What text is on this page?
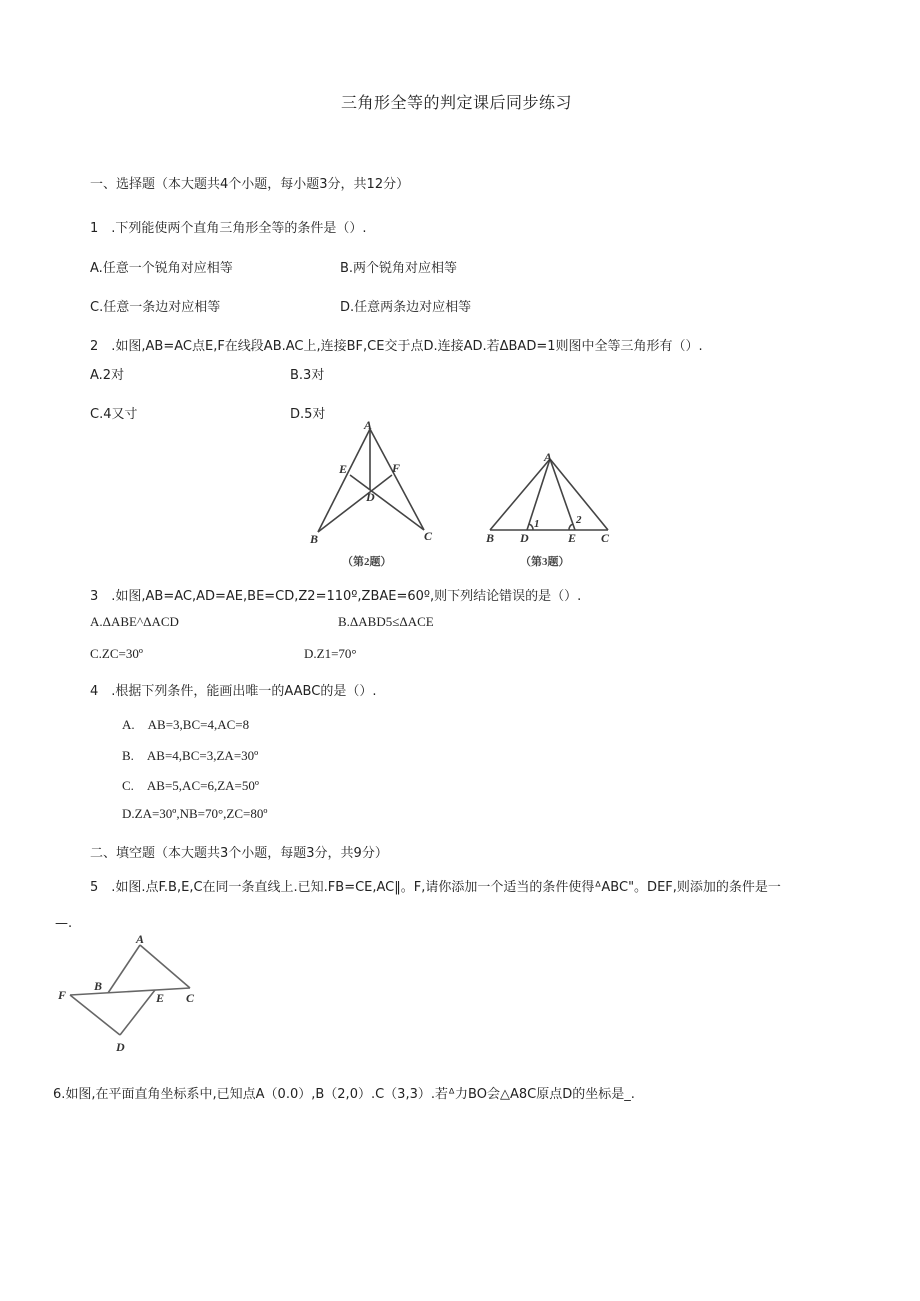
三角形全等的判定课后同步练习
一、选择题（本大题共4个小题，每小题3分，共12分）
1　.下列能使两个直角三角形全等的条件是（）.
A.任意一个锐角对应相等	B.两个锐角对应相等
C.任意一条边对应相等	D.任意两条边对应相等
2　.如图,AB=AC点E,F在线段AB.AC上,连接BF,CE交于点D.连接AD.若ΔBAD=1则图中全等三角形有（）.
A.2对	B.3对
C.4又寸	D.5对
A
E	F
D
B	C
（第2题）
A
1	2
B D	E C
（第3题）
3　.如图,AB=AC,AD=AE,BE=CD,Z2=110º,ZBAE=60º,则下列结论错误的是（）.
A.ΔABE^ΔACD	B.ΔABD5≤ΔACE
C.ZC=30º	D.Z1=70°
4　.根据下列条件，能画出唯一的AABC的是（）.
A.　AB=3,BC=4,AC=8
B.　AB=4,BC=3,ZA=30º
C.　AB=5,AC=6,ZA=50º
D.ZA=30º,NB=70°,ZC=80º
二、填空题（本大题共3个小题，每题3分，共9分）
5　.如图.点F.B,E,C在同一条直线上.已知.FB=CE,AC‖。F,请你添加一个适当的条件使得ᐞABC"。DEF,则添加的条件是一
—.
A
B
F	E C
D
6.如图,在平面直角坐标系中,已知点A（0.0）,B（2,0）.C（3,3）.若ᐞ力BO会△A8C原点D的坐标是_.
